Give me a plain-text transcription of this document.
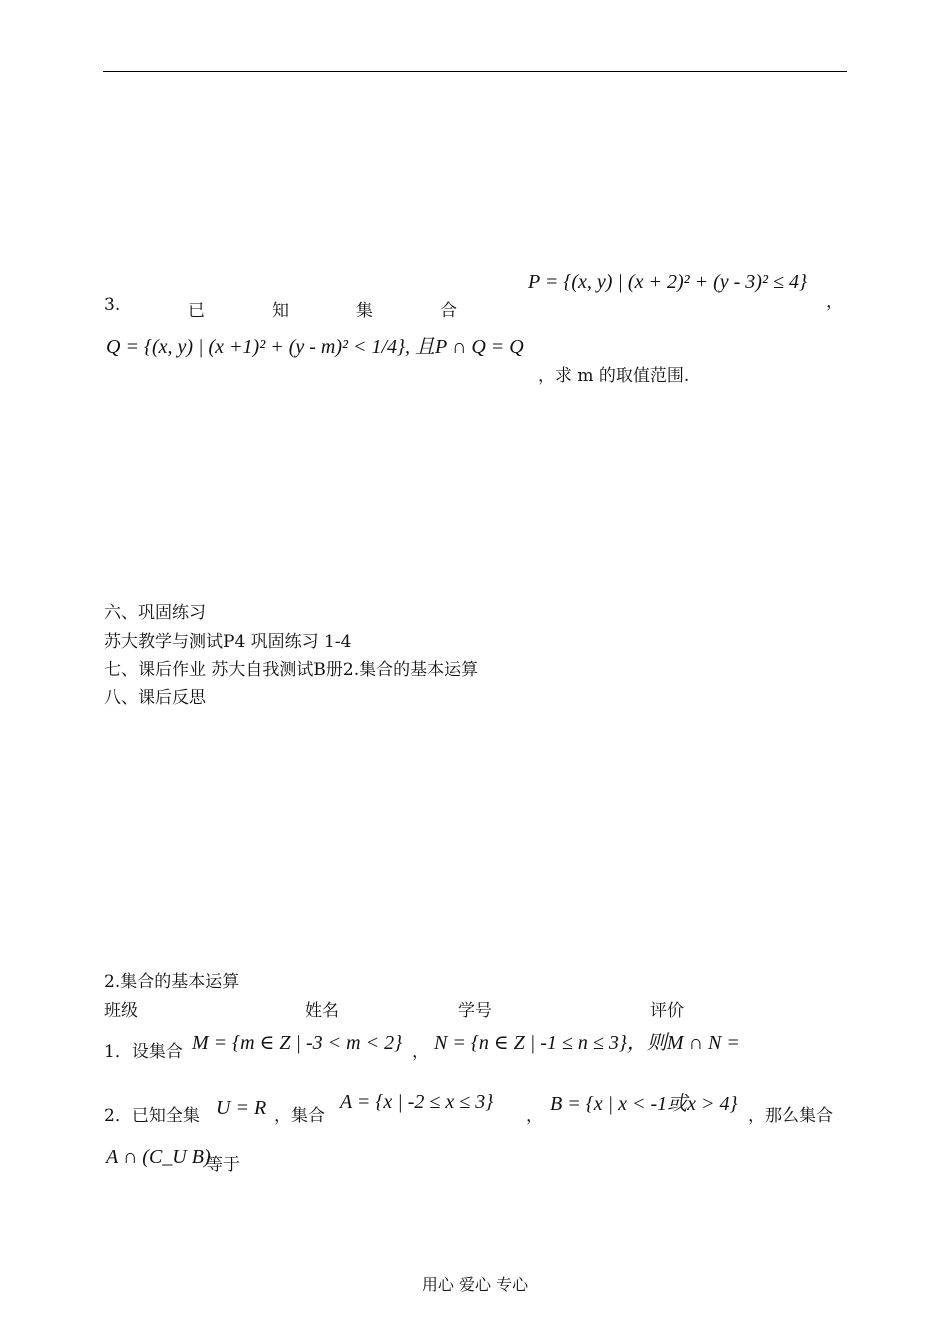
3.	已	知	集	合
P = {(x, y) | (x + 2)² + (y - 3)² ≤ 4}
，
Q = {(x, y) | (x +1)² + (y - m)² < 1/4}, 且P ∩ Q = Q
，求 m 的取值范围.
六、巩固练习
苏大教学与测试P4 巩固练习 1-4
七、课后作业 苏大自我测试B册2.集合的基本运算
八、课后反思
2.集合的基本运算
班级	姓名	学号	评价
1．设集合 M = {m ∈ Z | -3 < m < 2} ， N = {n ∈ Z | -1 ≤ n ≤ 3}，则M ∩ N =
2．已知全集 U = R ，集合
A = {x | -2 ≤ x ≤ 3}
，
B = {x | x < -1或x > 4}
，那么集合
A ∩ (C_U B)
等于
用心 爱心 专心
